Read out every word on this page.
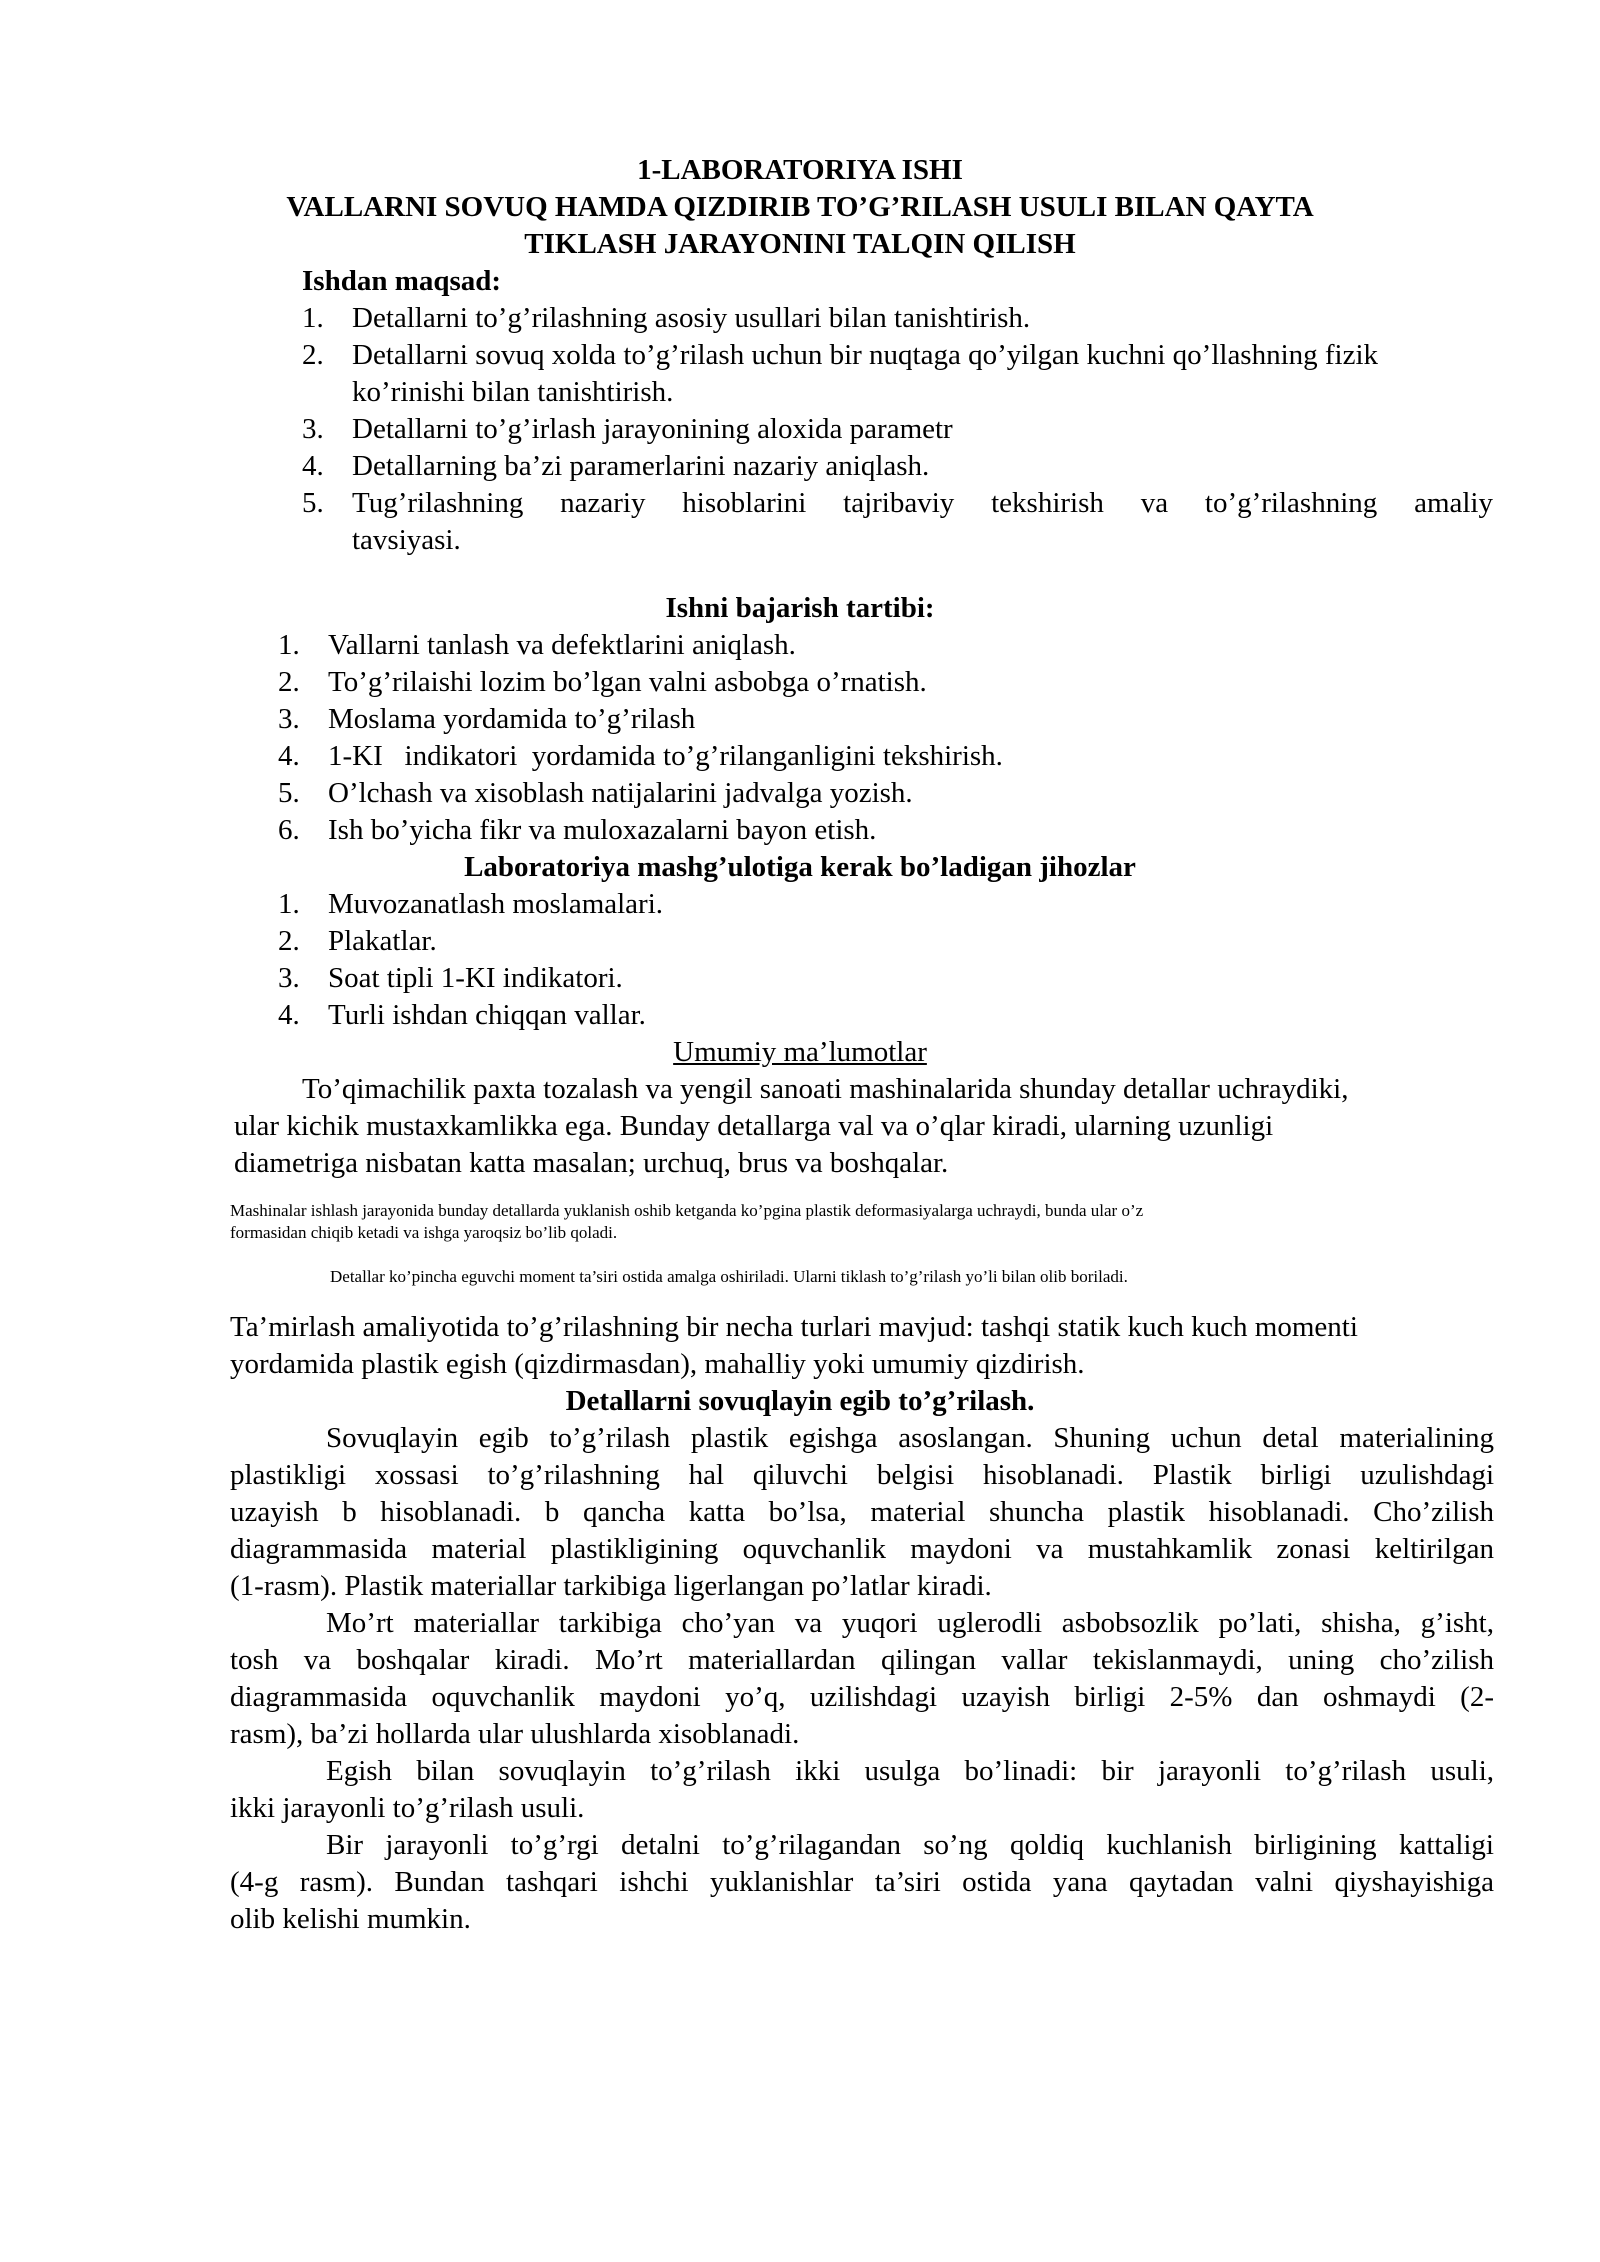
1-LABORATORIYA ISHI
VALLARNI SOVUQ HAMDA QIZDIRIB TO’G’RILASH USULI BILAN QAYTA
TIKLASH JARAYONINI TALQIN QILISH
Ishdan maqsad:
1. Detallarni to’g’rilashning asosiy usullari bilan tanishtirish.
2. Detallarni sovuq xolda to’g’rilash uchun bir nuqtaga qo’yilgan kuchni qo’llashning fizik
ko’rinishi bilan tanishtirish.
3. Detallarni to’g’irlash jarayonining aloxida parametr
4. Detallarning ba’zi paramerlarini nazariy aniqlash.
5. Tug’rilashning nazariy hisoblarini tajribaviy tekshirish va to’g’rilashning amaliy
tavsiyasi.
Ishni bajarish tartibi:
1. Vallarni tanlash va defektlarini aniqlash.
2. To’g’rilaishi lozim bo’lgan valni asbobga o’rnatish.
3. Moslama yordamida to’g’rilash
4. 1-KI   indikatori  yordamida to’g’rilanganligini tekshirish.
5. O’lchash va xisoblash natijalarini jadvalga yozish.
6. Ish bo’yicha fikr va muloxazalarni bayon etish.
Laboratoriya mashg’ulotiga kerak bo’ladigan jihozlar
1. Muvozanatlash moslamalari.
2. Plakatlar.
3. Soat tipli 1-KI indikatori.
4. Turli ishdan chiqqan vallar.
Umumiy ma’lumotlar
To’qimachilik paxta tozalash va yengil sanoati mashinalarida shunday detallar uchraydiki,
ular kichik mustaxkamlikka ega. Bunday detallarga val va o’qlar kiradi, ularning uzunligi
diametriga nisbatan katta masalan; urchuq, brus va boshqalar.
Mashinalar ishlash jarayonida bunday detallarda yuklanish oshib ketganda ko’pgina plastik deformasiyalarga uchraydi, bunda ular o’z
formasidan chiqib ketadi va ishga yaroqsiz bo’lib qoladi.
Detallar ko’pincha eguvchi moment ta’siri ostida amalga oshiriladi. Ularni tiklash to’g’rilash yo’li bilan olib boriladi.
Ta’mirlash amaliyotida to’g’rilashning bir necha turlari mavjud: tashqi statik kuch kuch momenti
yordamida plastik egish (qizdirmasdan), mahalliy yoki umumiy qizdirish.
Detallarni sovuqlayin egib to’g’rilash.
Sovuqlayin egib to’g’rilash plastik egishga asoslangan. Shuning uchun detal materialining
plastikligi xossasi to’g’rilashning hal qiluvchi belgisi hisoblanadi. Plastik birligi uzulishdagi
uzayish b hisoblanadi. b qancha katta bo’lsa, material shuncha plastik hisoblanadi. Cho’zilish
diagrammasida material plastikligining oquvchanlik maydoni va mustahkamlik zonasi keltirilgan
(1-rasm). Plastik materiallar tarkibiga ligerlangan po’latlar kiradi.
Mo’rt materiallar tarkibiga cho’yan va yuqori uglerodli asbobsozlik po’lati, shisha, g’isht,
tosh va boshqalar kiradi. Mo’rt materiallardan qilingan vallar tekislanmaydi, uning cho’zilish
diagrammasida oquvchanlik maydoni yo’q, uzilishdagi uzayish birligi 2-5% dan oshmaydi (2-
rasm), ba’zi hollarda ular ulushlarda xisoblanadi.
Egish bilan sovuqlayin to’g’rilash ikki usulga bo’linadi: bir jarayonli to’g’rilash usuli,
ikki jarayonli to’g’rilash usuli.
Bir jarayonli to’g’rgi detalni to’g’rilagandan so’ng qoldiq kuchlanish birligining kattaligi
(4-g rasm). Bundan tashqari ishchi yuklanishlar ta’siri ostida yana qaytadan valni qiyshayishiga
olib kelishi mumkin.
